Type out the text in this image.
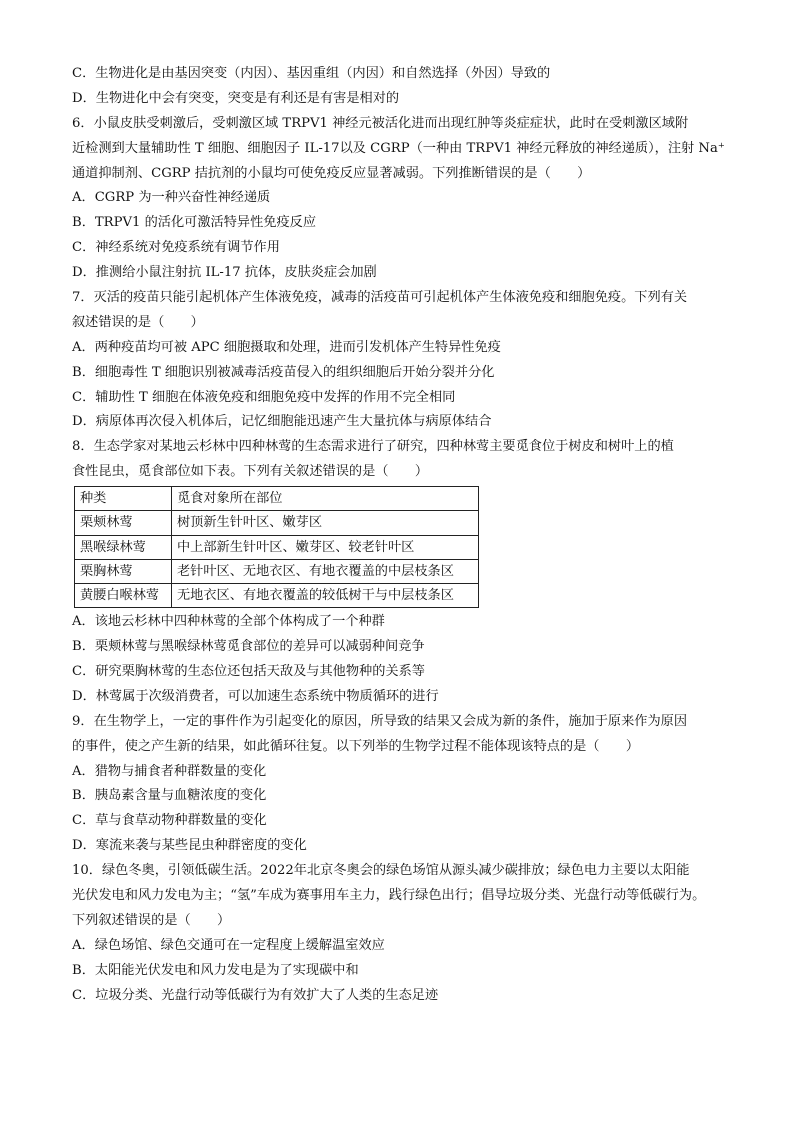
C．生物进化是由基因突变（内因）、基因重组（内因）和自然选择（外因）导致的
D．生物进化中会有突变，突变是有利还是有害是相对的
6．小鼠皮肤受刺激后，受刺激区域 TRPV1 神经元被活化进而出现红肿等炎症症状，此时在受刺激区域附
近检测到大量辅助性 T 细胞、细胞因子 IL-17以及 CGRP（一种由 TRPV1 神经元释放的神经递质），注射 Na⁺
通道抑制剂、CGRP 拮抗剂的小鼠均可使免疫反应显著减弱。下列推断错误的是（　　）
A．CGRP 为一种兴奋性神经递质
B．TRPV1 的活化可激活特异性免疫反应
C．神经系统对免疫系统有调节作用
D．推测给小鼠注射抗 IL-17 抗体，皮肤炎症会加剧
7．灭活的疫苗只能引起机体产生体液免疫，减毒的活疫苗可引起机体产生体液免疫和细胞免疫。下列有关
叙述错误的是（　　）
A．两种疫苗均可被 APC 细胞摄取和处理，进而引发机体产生特异性免疫
B．细胞毒性 T 细胞识别被减毒活疫苗侵入的组织细胞后开始分裂并分化
C．辅助性 T 细胞在体液免疫和细胞免疫中发挥的作用不完全相同
D．病原体再次侵入机体后，记忆细胞能迅速产生大量抗体与病原体结合
8．生态学家对某地云杉林中四种林莺的生态需求进行了研究，四种林莺主要觅食位于树皮和树叶上的植
食性昆虫，觅食部位如下表。下列有关叙述错误的是（　　）
种类	觅食对象所在部位
栗颊林莺	树顶新生针叶区、嫩芽区
黑喉绿林莺	中上部新生针叶区、嫩芽区、较老针叶区
栗胸林莺	老针叶区、无地衣区、有地衣覆盖的中层枝条区
黄腰白喉林莺	无地衣区、有地衣覆盖的较低树干与中层枝条区
A．该地云杉林中四种林莺的全部个体构成了一个种群
B．栗颊林莺与黑喉绿林莺觅食部位的差异可以减弱种间竞争
C．研究栗胸林莺的生态位还包括天敌及与其他物种的关系等
D．林莺属于次级消费者，可以加速生态系统中物质循环的进行
9．在生物学上，一定的事件作为引起变化的原因，所导致的结果又会成为新的条件，施加于原来作为原因
的事件，使之产生新的结果，如此循环往复。以下列举的生物学过程不能体现该特点的是（　　）
A．猎物与捕食者种群数量的变化
B．胰岛素含量与血糖浓度的变化
C．草与食草动物种群数量的变化
D．寒流来袭与某些昆虫种群密度的变化
10．绿色冬奥，引领低碳生活。2022年北京冬奥会的绿色场馆从源头减少碳排放；绿色电力主要以太阳能
光伏发电和风力发电为主；“氢”车成为赛事用车主力，践行绿色出行；倡导垃圾分类、光盘行动等低碳行为。
下列叙述错误的是（　　）
A．绿色场馆、绿色交通可在一定程度上缓解温室效应
B．太阳能光伏发电和风力发电是为了实现碳中和
C．垃圾分类、光盘行动等低碳行为有效扩大了人类的生态足迹
